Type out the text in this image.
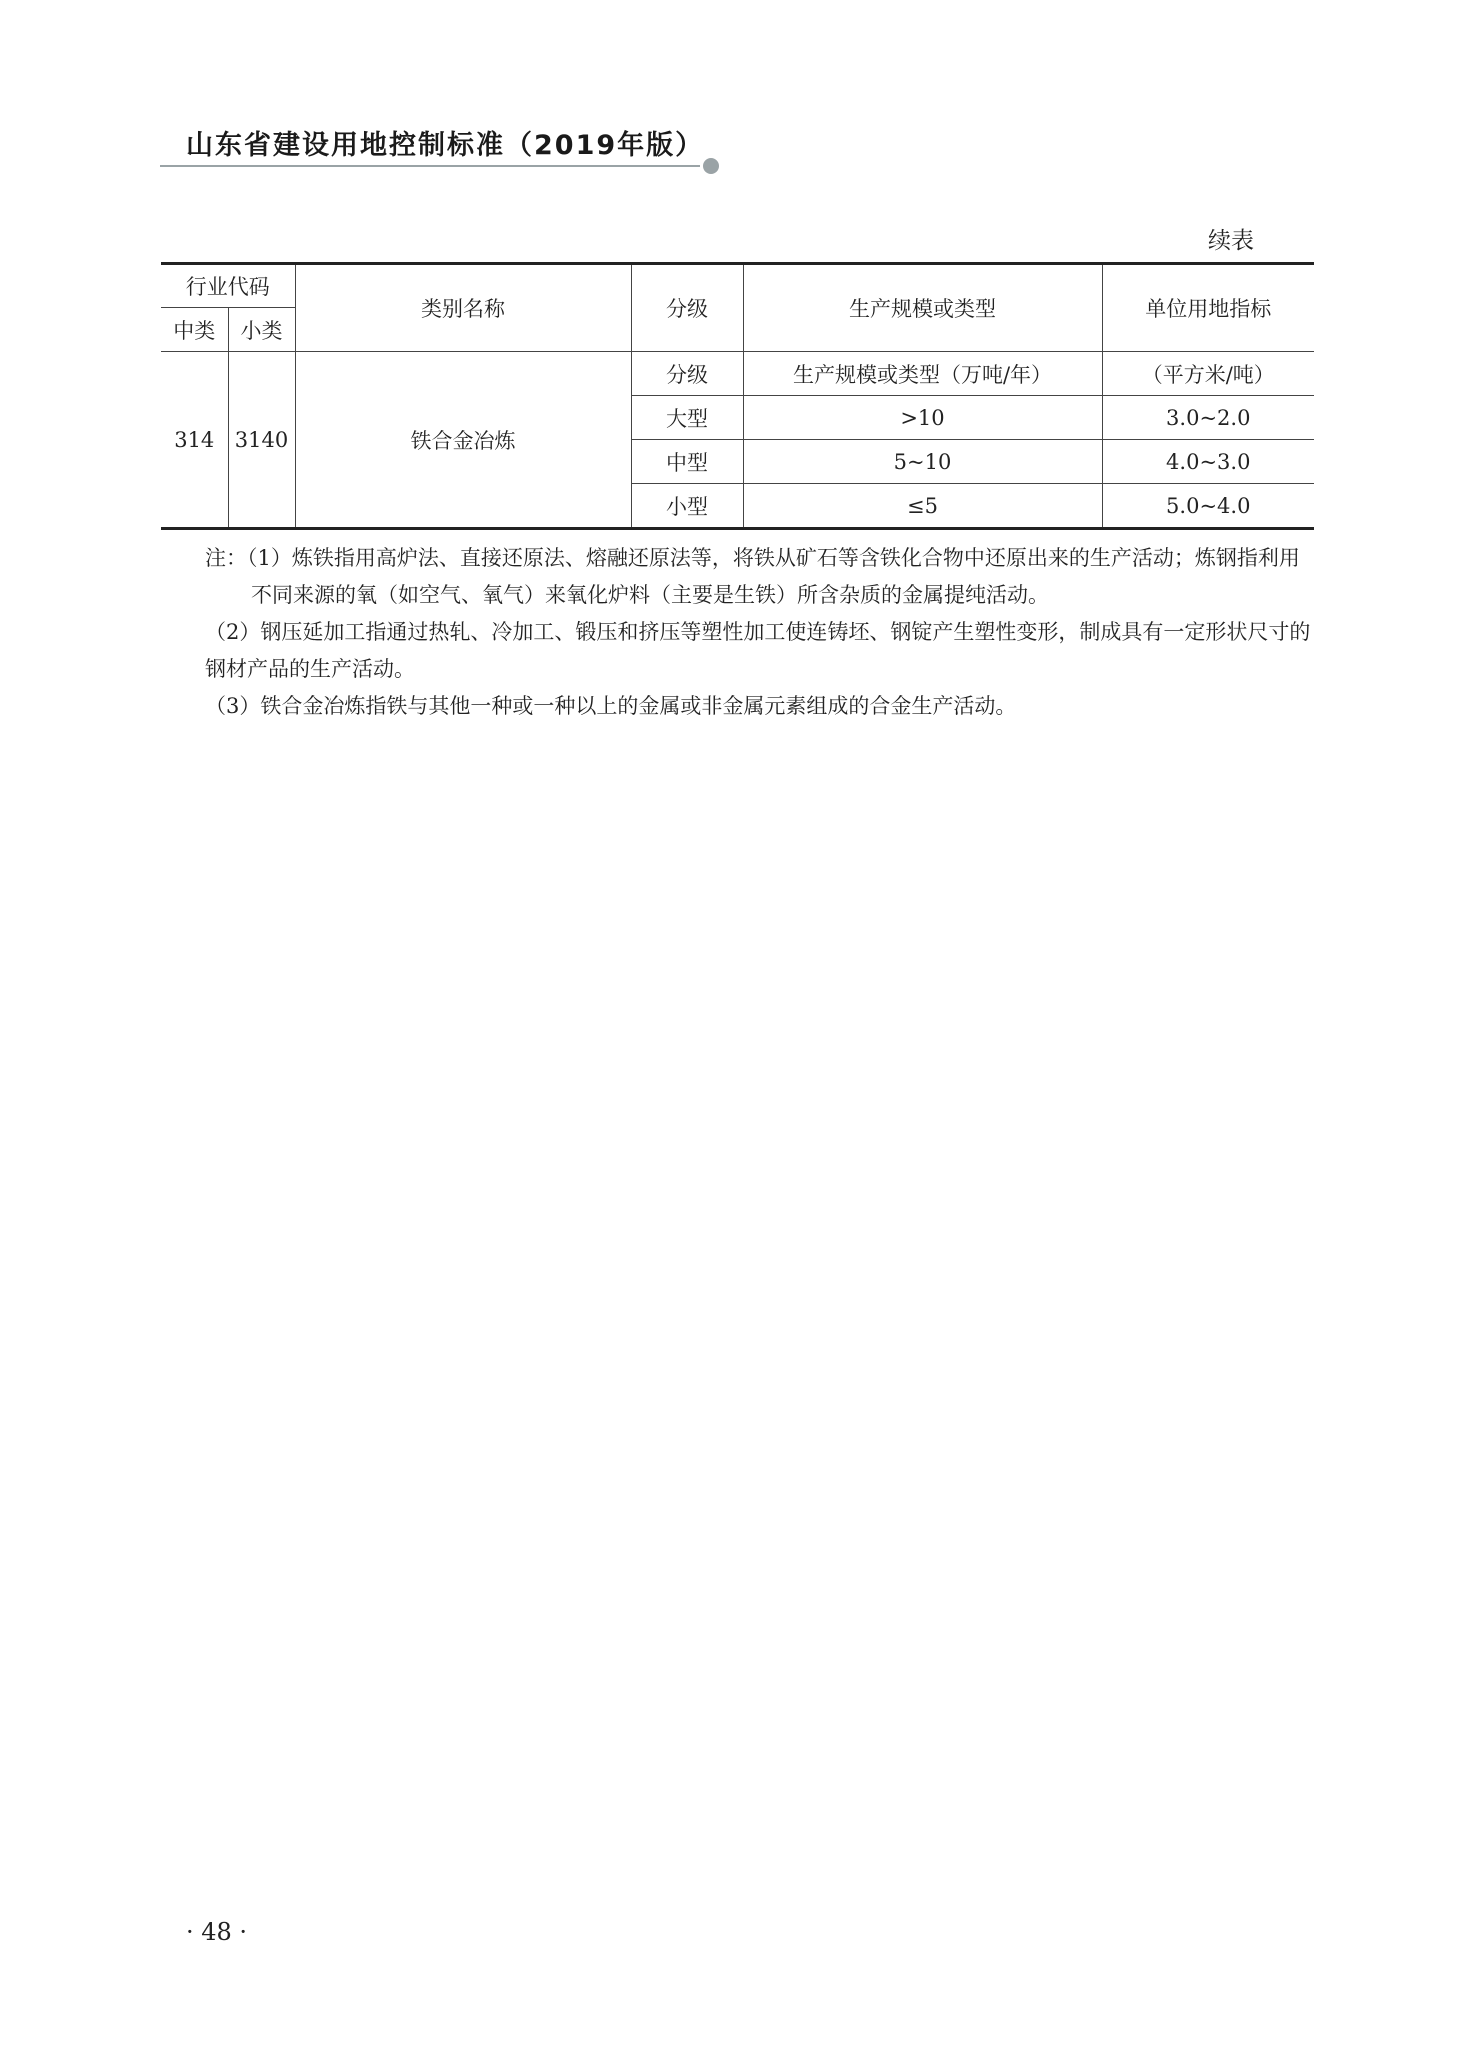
山东省建设用地控制标准（2019年版）
续表
行业代码		类别名称	分级	生产规模或类型	单位用地指标
中类	小类				
314	3140	铁合金冶炼	分级	生产规模或类型（万吨/年）	（平方米/吨）
			大型	>10	3.0~2.0
			中型	5~10	4.0~3.0
			小型	≤5	5.0~4.0

注：（1）炼铁指用高炉法、直接还原法、熔融还原法等，将铁从矿石等含铁化合物中还原出来的生产活动；炼钢指利用不同来源的氧（如空气、氧气）来氧化炉料（主要是生铁）所含杂质的金属提纯活动。

（2）钢压延加工指通过热轧、冷加工、锻压和挤压等塑性加工使连铸坯、钢锭产生塑性变形，制成具有一定形状尺寸的钢材产品的生产活动。

（3）铁合金冶炼指铁与其他一种或一种以上的金属或非金属元素组成的合金生产活动。

· 48 ·
